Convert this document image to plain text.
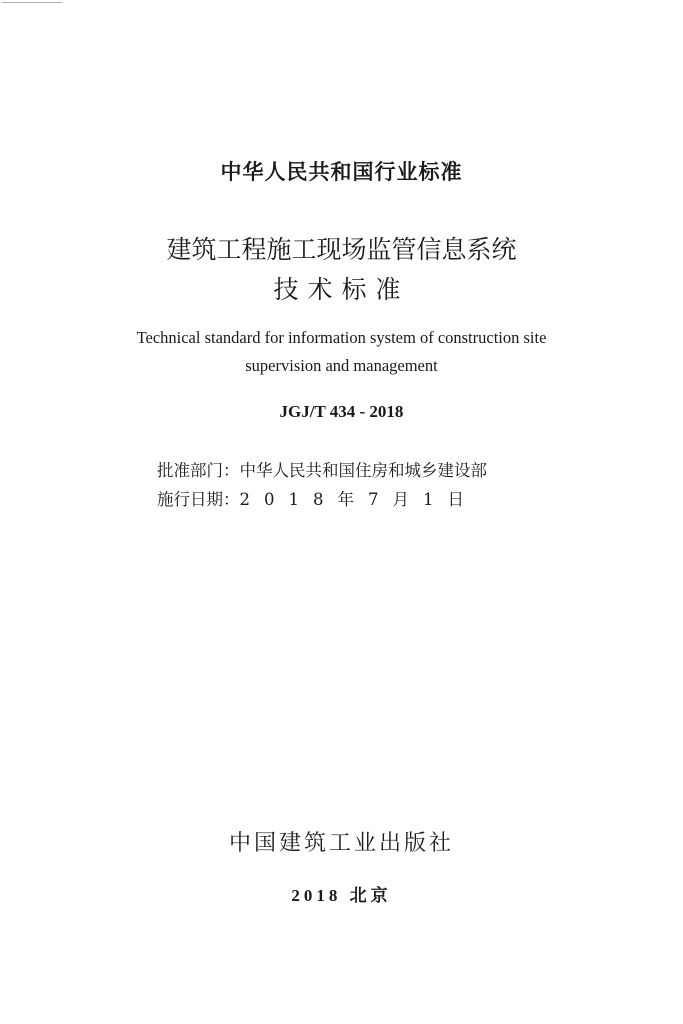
中华人民共和国行业标准
建筑工程施工现场监管信息系统
技术标准
Technical standard for information system of construction site
supervision and management
JGJ/T 434 - 2018
批准部门：中华人民共和国住房和城乡建设部
施行日期：2018年7月1日
中国建筑工业出版社
2018 北京
